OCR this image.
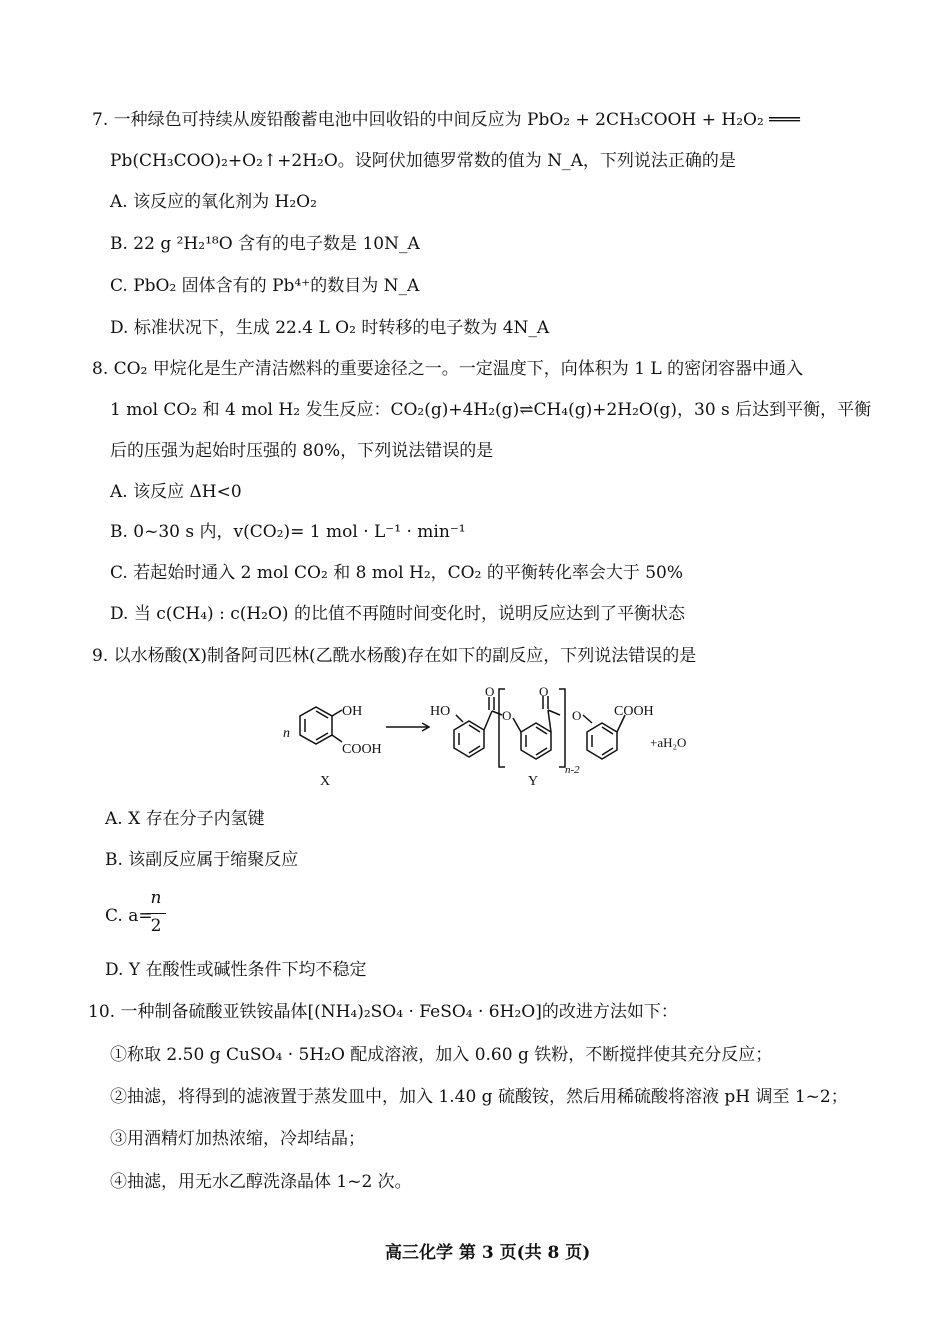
7. 一种绿色可持续从废铅酸蓄电池中回收铅的中间反应为 PbO₂ + 2CH₃COOH + H₂O₂ ═══
Pb(CH₃COO)₂+O₂↑+2H₂O。设阿伏加德罗常数的值为 N_A，下列说法正确的是
A. 该反应的氧化剂为 H₂O₂
B. 22 g ²H₂¹⁸O 含有的电子数是 10N_A
C. PbO₂ 固体含有的 Pb⁴⁺的数目为 N_A
D. 标准状况下，生成 22.4 L O₂ 时转移的电子数为 4N_A
8. CO₂ 甲烷化是生产清洁燃料的重要途径之一。一定温度下，向体积为 1 L 的密闭容器中通入
1 mol CO₂ 和 4 mol H₂ 发生反应：CO₂(g)+4H₂(g)⇌CH₄(g)+2H₂O(g)，30 s 后达到平衡，平衡
后的压强为起始时压强的 80%，下列说法错误的是
A. 该反应 ΔH<0
B. 0~30 s 内，v(CO₂)= 1 mol · L⁻¹ · min⁻¹
C. 若起始时通入 2 mol CO₂ 和 8 mol H₂，CO₂ 的平衡转化率会大于 50%
D. 当 c(CH₄) : c(H₂O) 的比值不再随时间变化时，说明反应达到了平衡状态
9. 以水杨酸(X)制备阿司匹林(乙酰水杨酸)存在如下的副反应，下列说法错误的是
n
OH
COOH
X
HO
O
O
O
n-2
Y
O COOH
+aH₂O
A. X 存在分子内氢键
B. 该副反应属于缩聚反应
C. a=
n
2
D. Y 在酸性或碱性条件下均不稳定
10. 一种制备硫酸亚铁铵晶体[(NH₄)₂SO₄ · FeSO₄ · 6H₂O]的改进方法如下：
①称取 2.50 g CuSO₄ · 5H₂O 配成溶液，加入 0.60 g 铁粉，不断搅拌使其充分反应；
②抽滤，将得到的滤液置于蒸发皿中，加入 1.40 g 硫酸铵，然后用稀硫酸将溶液 pH 调至 1~2；
③用酒精灯加热浓缩，冷却结晶；
④抽滤，用无水乙醇洗涤晶体 1~2 次。
高三化学 第 3 页(共 8 页)
